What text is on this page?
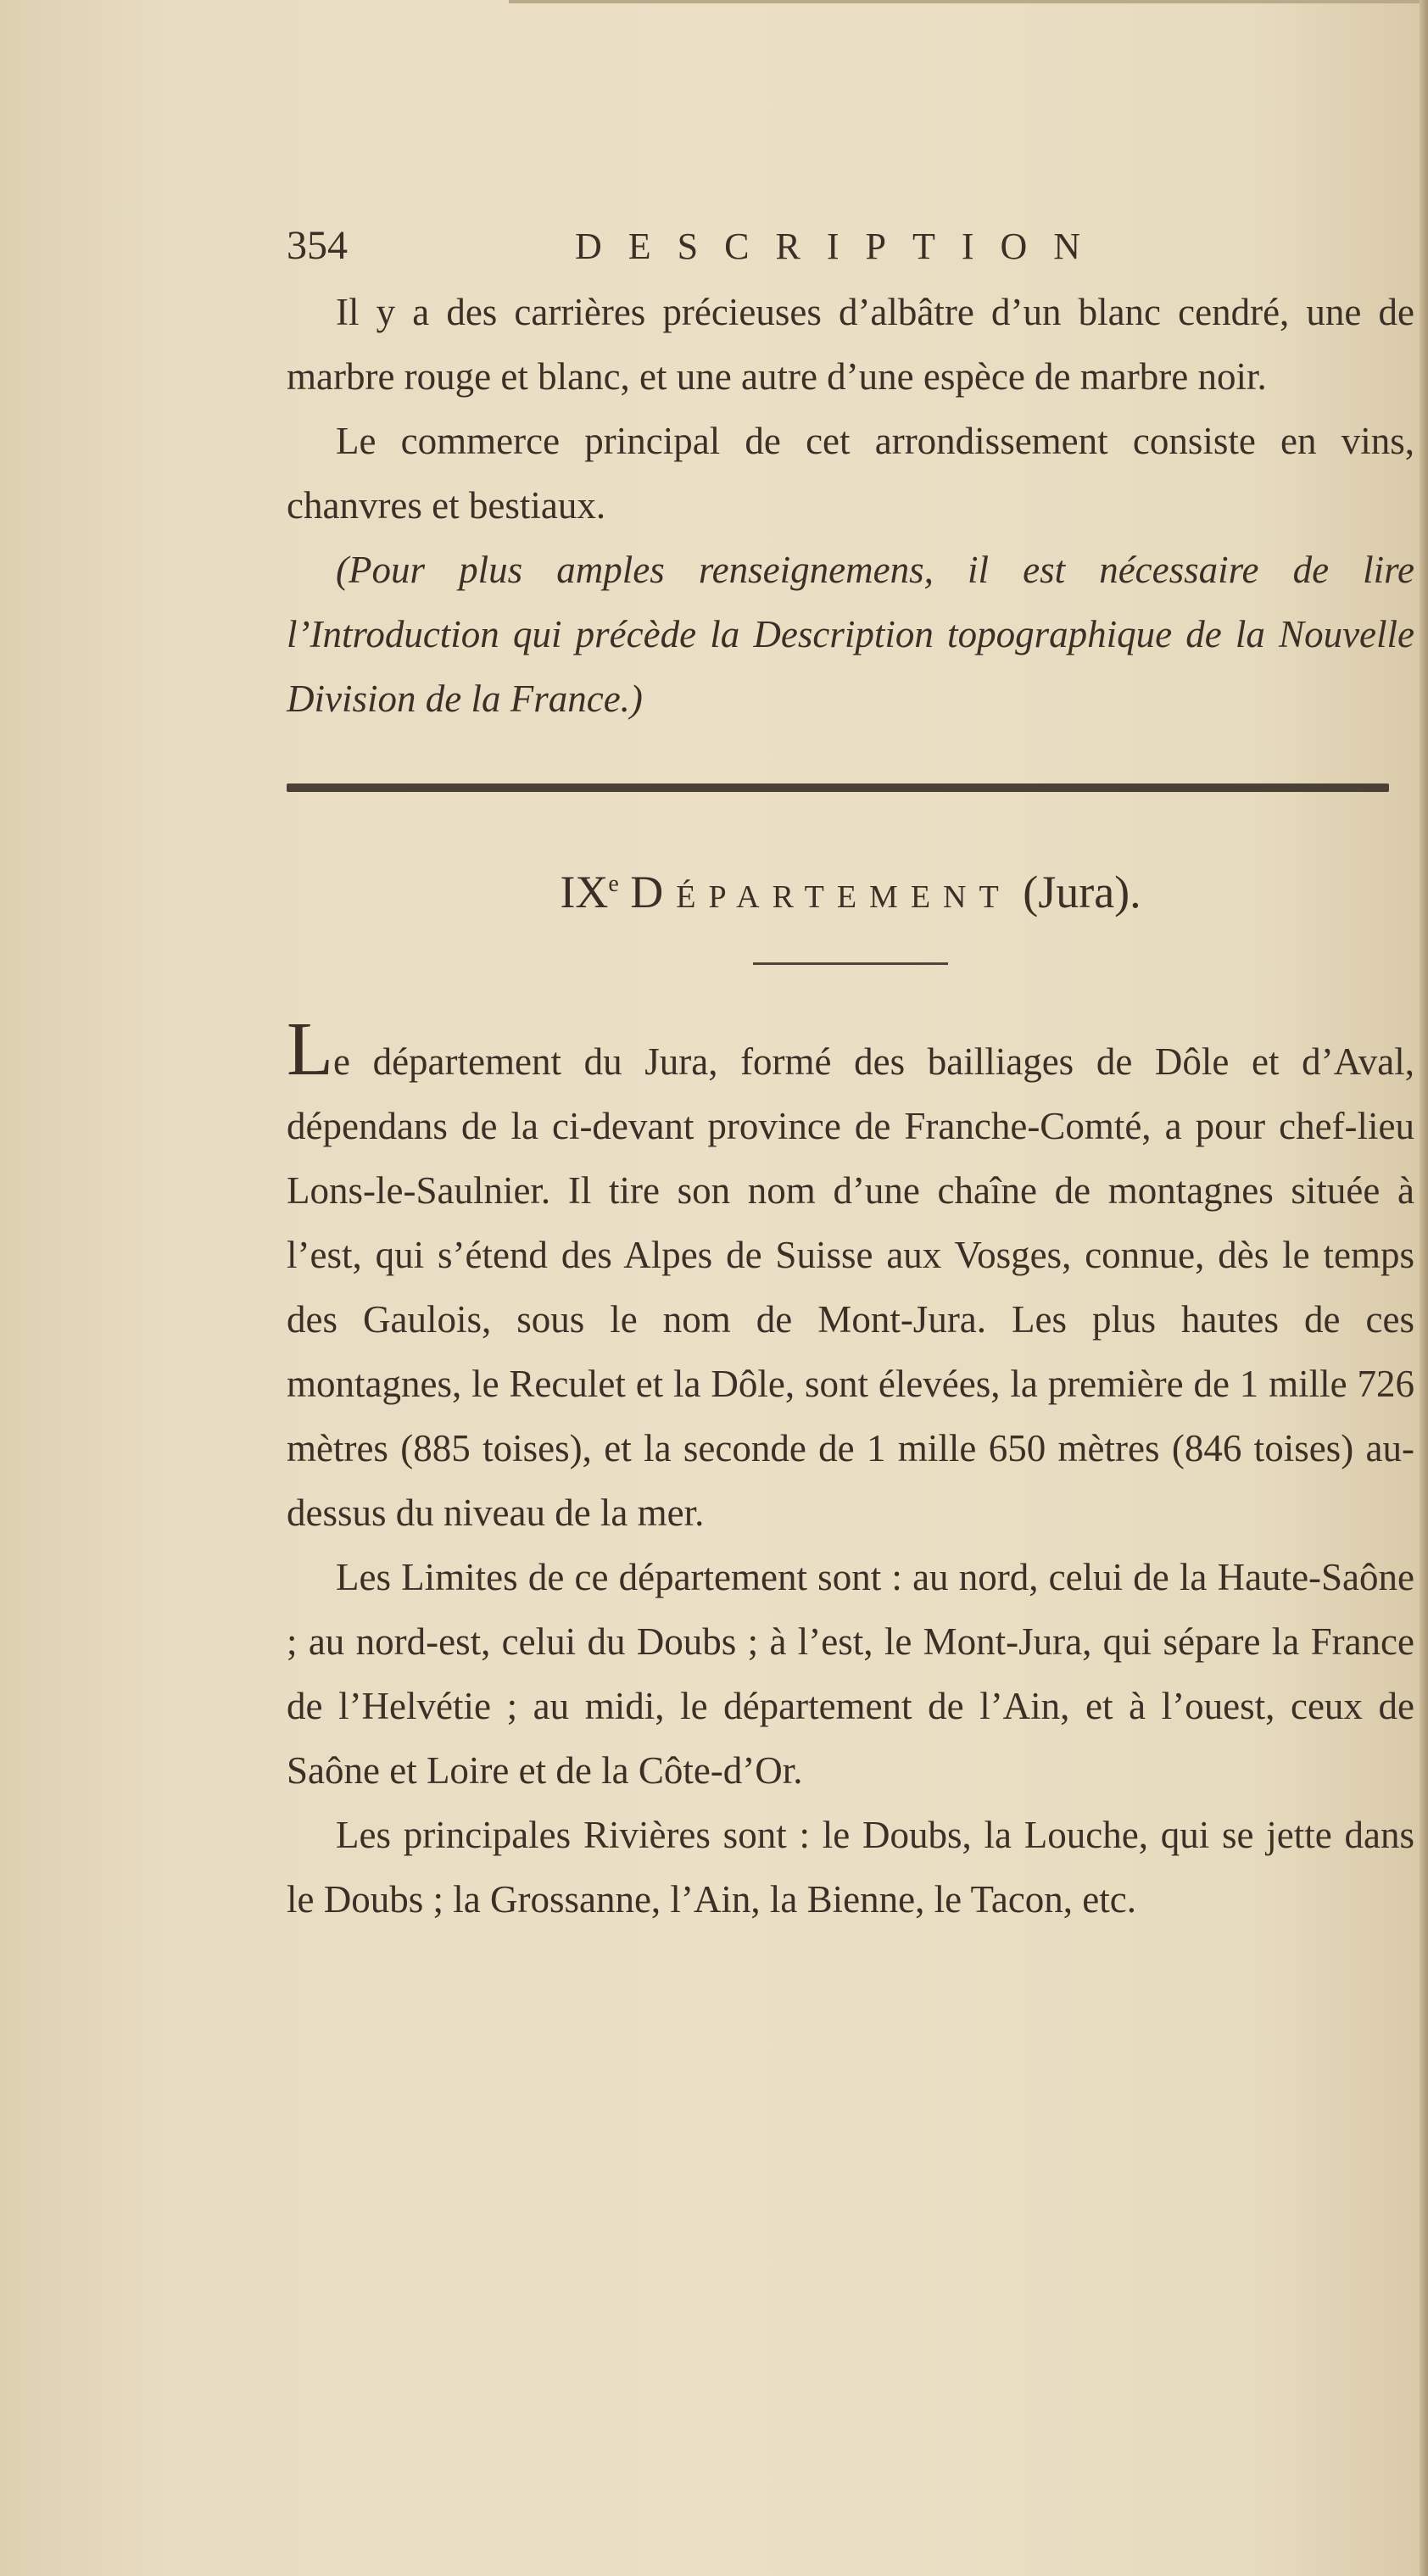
354	DESCRIPTION

Il y a des carrières précieuses d’albâtre d’un blanc cendré, une de marbre rouge et blanc, et une autre d’une espèce de marbre noir.

Le commerce principal de cet arrondissement consiste en vins, chanvres et bestiaux.

(Pour plus amples renseignemens, il est nécessaire de lire l’Introduction qui précède la Description topographique de la Nouvelle Division de la France.)

IXe Département (Jura).

Le département du Jura, formé des bailliages de Dôle et d’Aval, dépendans de la ci-devant province de Franche-Comté, a pour chef-lieu Lons-le-Saulnier. Il tire son nom d’une chaîne de montagnes située à l’est, qui s’étend des Alpes de Suisse aux Vosges, connue, dès le temps des Gaulois, sous le nom de Mont-Jura. Les plus hautes de ces montagnes, le Reculet et la Dôle, sont élevées, la première de 1 mille 726 mètres (885 toises), et la seconde de 1 mille 650 mètres (846 toises) au-dessus du niveau de la mer.

Les Limites de ce département sont : au nord, celui de la Haute-Saône ; au nord-est, celui du Doubs ; à l’est, le Mont-Jura, qui sépare la France de l’Helvétie ; au midi, le département de l’Ain, et à l’ouest, ceux de Saône et Loire et de la Côte-d’Or.

Les principales Rivières sont : le Doubs, la Louche, qui se jette dans le Doubs ; la Grossanne, l’Ain, la Bienne, le Tacon, etc.
